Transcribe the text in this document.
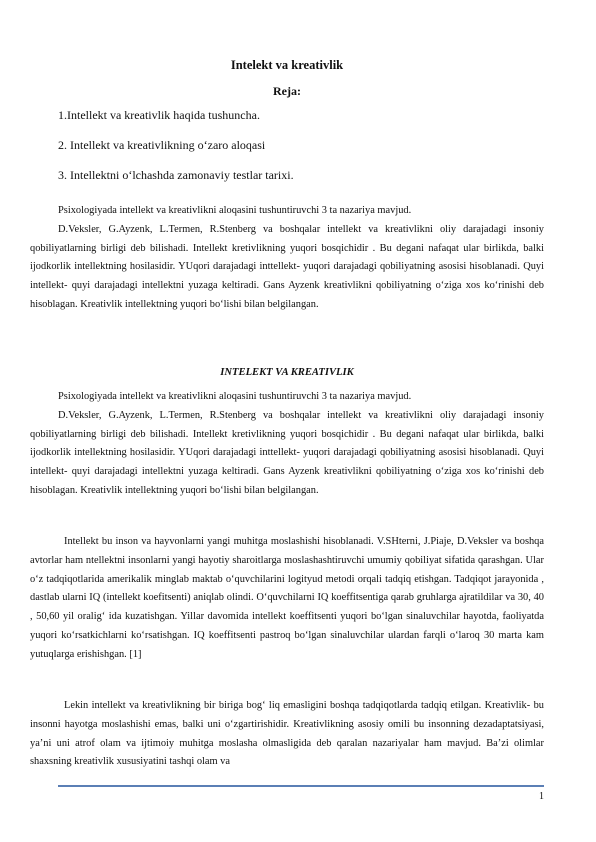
Intelekt va kreativlik
Reja:
1.Intellekt va kreativlik haqida tushuncha.
2. Intellekt va kreativlikning o‘zaro aloqasi
3. Intellektni o‘lchashda zamonaviy testlar tarixi.
Psixologiyada intellekt va kreativlikni aloqasini tushuntiruvchi 3 ta nazariya mavjud.
D.Veksler, G.Ayzenk, L.Termen, R.Stenberg va boshqalar intellekt va kreativlikni oliy darajadagi insoniy qobiliyatlarning birligi deb bilishadi. Intellekt kretivlikning yuqori bosqichidir . Bu degani nafaqat ular birlikda, balki ijodkorlik intellektning hosilasidir. YUqori darajadagi inttellekt- yuqori darajadagi qobiliyatning asosisi hisoblanadi. Quyi intellekt- quyi darajadagi intellektni yuzaga keltiradi. Gans Ayzenk kreativlikni qobiliyatning o‘ziga xos ko‘rinishi deb hisoblagan. Kreativlik intellektning yuqori bo‘lishi bilan belgilangan.
INTELEKT VA KREATIVLIK
Psixologiyada intellekt va kreativlikni aloqasini tushuntiruvchi 3 ta nazariya mavjud.
D.Veksler, G.Ayzenk, L.Termen, R.Stenberg va boshqalar intellekt va kreativlikni oliy darajadagi insoniy qobiliyatlarning birligi deb bilishadi. Intellekt kretivlikning yuqori bosqichidir . Bu degani nafaqat ular birlikda, balki ijodkorlik intellektning hosilasidir. YUqori darajadagi inttellekt- yuqori darajadagi qobiliyatning asosisi hisoblanadi. Quyi intellekt- quyi darajadagi intellektni yuzaga keltiradi. Gans Ayzenk kreativlikni qobiliyatning o‘ziga xos ko‘rinishi deb hisoblagan. Kreativlik intellektning yuqori bo‘lishi bilan belgilangan.
Intellekt bu inson va hayvonlarni yangi muhitga moslashishi hisoblanadi. V.SHterni, J.Piaje, D.Veksler va boshqa avtorlar ham ntellektni insonlarni yangi hayotiy sharoitlarga moslashashtiruvchi umumiy qobiliyat sifatida qarashgan. Ular o‘z tadqiqotlarida amerikalik minglab maktab o‘quvchilarini logityud metodi orqali tadqiq etishgan. Tadqiqot jarayonida , dastlab ularni IQ (intellekt koefitsenti) aniqlab olindi. O‘quvchilarni IQ koeffitsentiga qarab gruhlarga ajratildilar va 30, 40 , 50,60 yil oralig‘ ida kuzatishgan. Yillar davomida intellekt koeffitsenti yuqori bo‘lgan sinaluvchilar hayotda, faoliyatda yuqori ko‘rsatkichlarni ko‘rsatishgan. IQ koeffitsenti pastroq bo‘lgan sinaluvchilar ulardan farqli o‘laroq 30 marta kam yutuqlarga erishishgan. [1]
Lekin intellekt va kreativlikning bir biriga bog‘ liq emasligini boshqa tadqiqotlarda tadqiq etilgan. Kreativlik- bu insonni hayotga moslashishi emas, balki uni o‘zgartirishidir. Kreativlikning asosiy omili bu insonning dezadaptatsiyasi, ya’ni uni atrof olam va ijtimoiy muhitga moslasha olmasligida deb qaralan nazariyalar ham mavjud. Ba’zi olimlar shaxsning kreativlik xususiyatini tashqi olam va
1
